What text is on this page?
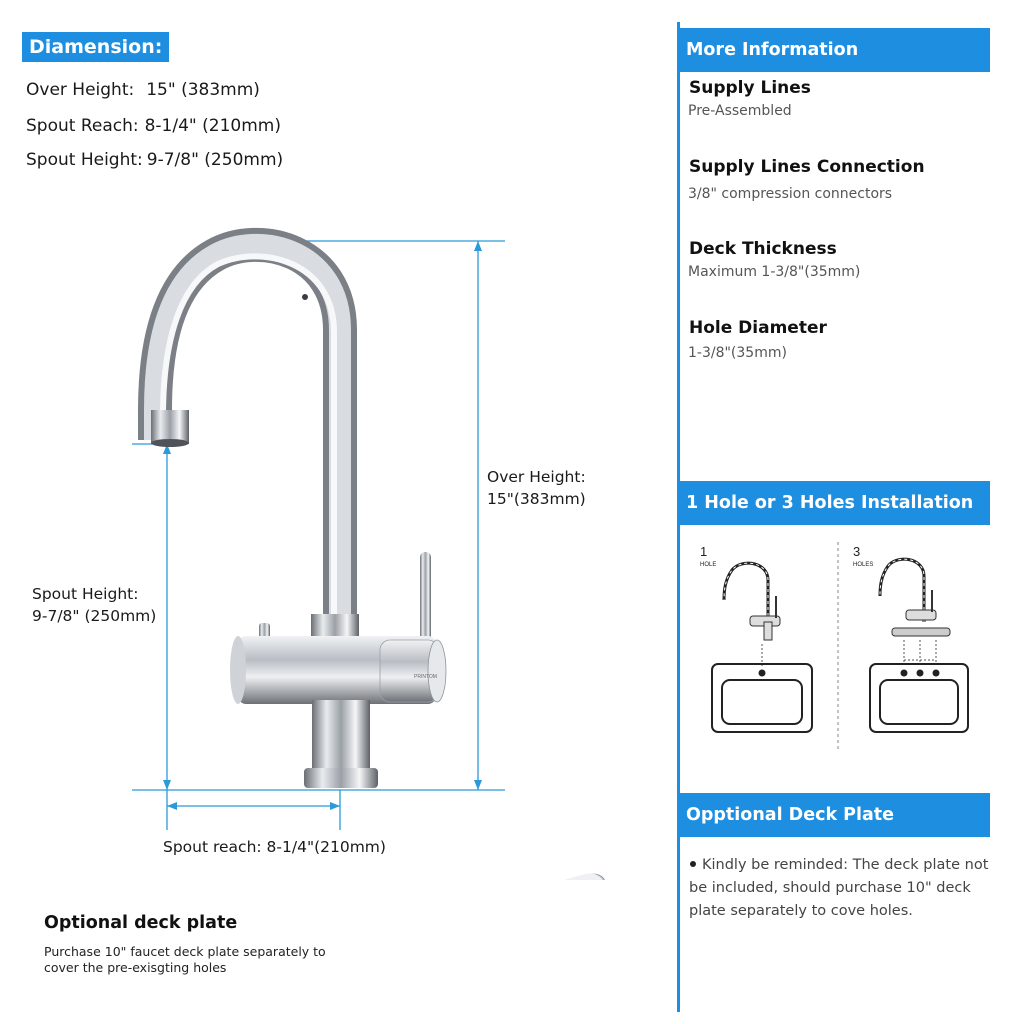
Diamension:
Over Height: 15" (383mm)
Spout Reach: 8-1/4" (210mm)
Spout Height: 9-7/8" (250mm)
PRINTOM
Over Height:
15"(383mm)
Spout Height:
9-7/8" (250mm)
Spout reach: 8-1/4"(210mm)
Optional deck plate
Purchase 10" faucet deck plate separately to cover the pre-exisgting holes
More Information
Supply Lines
Pre-Assembled
Supply Lines Connection
3/8" compression connectors
Deck Thickness
Maximum 1-3/8"(35mm)
Hole Diameter
1-3/8"(35mm)
1 Hole or 3 Holes Installation
1
HOLE
3
HOLES
Opptional Deck Plate
Kindly be reminded: The deck plate not be included, should purchase 10" deck plate separately to cove holes.
